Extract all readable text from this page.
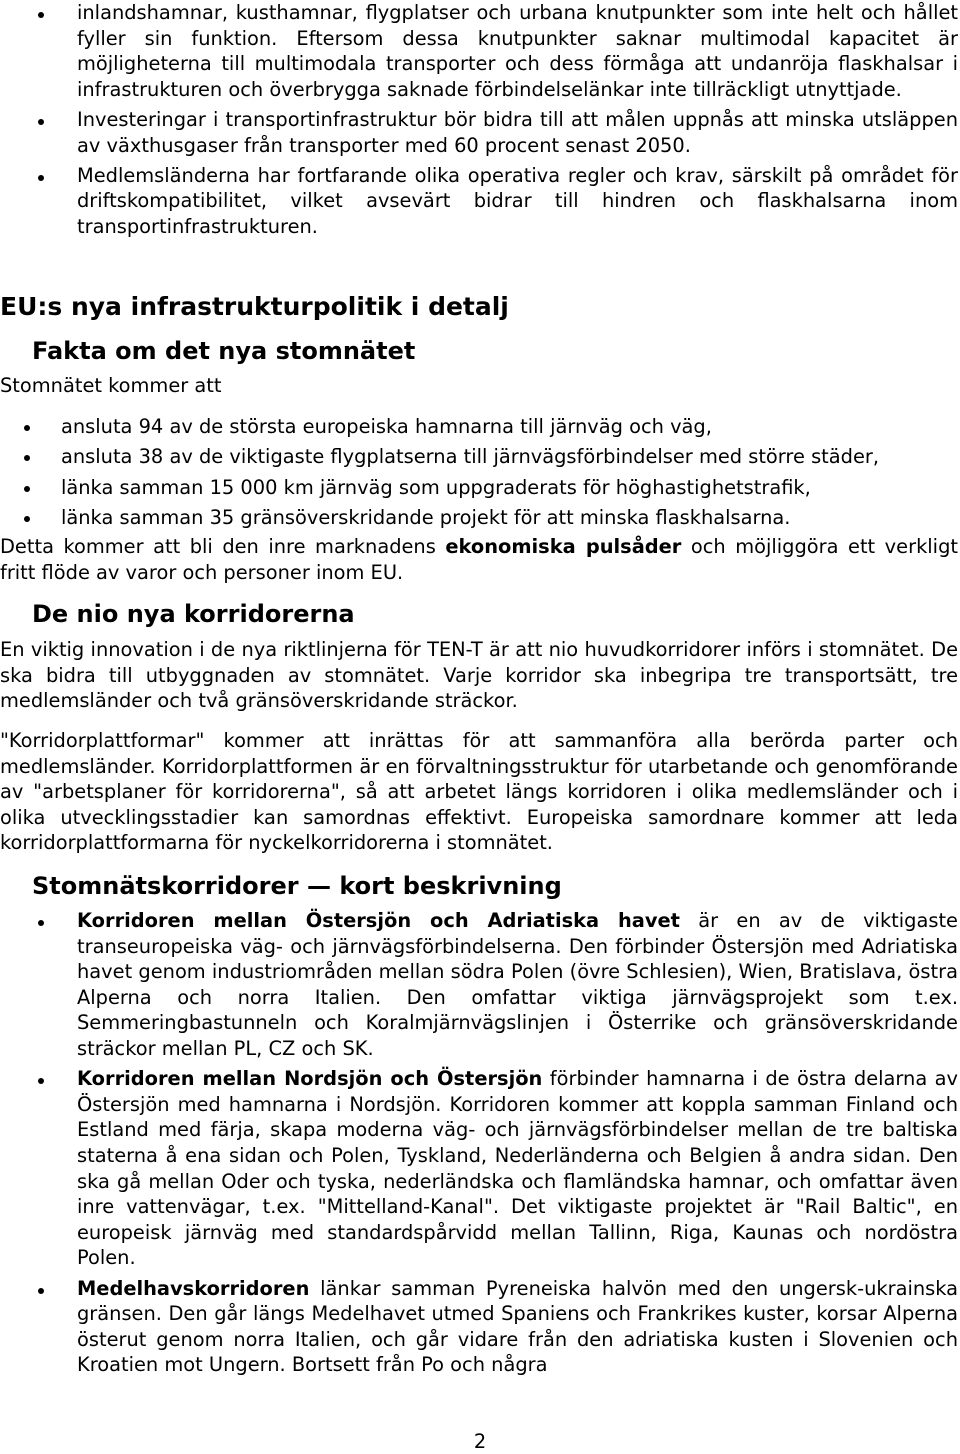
inlandshamnar, kusthamnar, flygplatser och urbana knutpunkter som inte helt och hållet fyller sin funktion. Eftersom dessa knutpunkter saknar multimodal kapacitet är möjligheterna till multimodala transporter och dess förmåga att undanröja flaskhalsar i infrastrukturen och överbrygga saknade förbindelselänkar inte tillräckligt utnyttjade.
Investeringar i transportinfrastruktur bör bidra till att målen uppnås att minska utsläppen av växthusgaser från transporter med 60 procent senast 2050.
Medlemsländerna har fortfarande olika operativa regler och krav, särskilt på området för driftskompatibilitet, vilket avsevärt bidrar till hindren och flaskhalsarna inom transportinfrastrukturen.
EU:s nya infrastrukturpolitik i detalj
Fakta om det nya stomnätet

Stomnätet kommer att

ansluta 94 av de största europeiska hamnarna till järnväg och väg,
ansluta 38 av de viktigaste flygplatserna till järnvägsförbindelser med större städer,
länka samman 15 000 km järnväg som uppgraderats för höghastighetstrafik,
länka samman 35 gränsöverskridande projekt för att minska flaskhalsarna.

Detta kommer att bli den inre marknadens ekonomiska pulsåder och möjliggöra ett verkligt fritt flöde av varor och personer inom EU.

De nio nya korridorerna

En viktig innovation i de nya riktlinjerna för TEN-T är att nio huvudkorridorer införs i stomnätet. De ska bidra till utbyggnaden av stomnätet. Varje korridor ska inbegripa tre transportsätt, tre medlemsländer och två gränsöverskridande sträckor.

"Korridorplattformar" kommer att inrättas för att sammanföra alla berörda parter och medlemsländer. Korridorplattformen är en förvaltningsstruktur för utarbetande och genomförande av "arbetsplaner för korridorerna", så att arbetet längs korridoren i olika medlemsländer och i olika utvecklingsstadier kan samordnas effektivt. Europeiska samordnare kommer att leda korridorplattformarna för nyckelkorridorerna i stomnätet.

Stomnätskorridorer — kort beskrivning
Korridoren mellan Östersjön och Adriatiska havet är en av de viktigaste transeuropeiska väg- och järnvägsförbindelserna. Den förbinder Östersjön med Adriatiska havet genom industriområden mellan södra Polen (övre Schlesien), Wien, Bratislava, östra Alperna och norra Italien. Den omfattar viktiga järnvägsprojekt som t.ex. Semmeringbastunneln och Koralmjärnvägslinjen i Österrike och gränsöverskridande sträckor mellan PL, CZ och SK.
Korridoren mellan Nordsjön och Östersjön förbinder hamnarna i de östra delarna av Östersjön med hamnarna i Nordsjön. Korridoren kommer att koppla samman Finland och Estland med färja, skapa moderna väg- och järnvägsförbindelser mellan de tre baltiska staterna å ena sidan och Polen, Tyskland, Nederländerna och Belgien å andra sidan. Den ska gå mellan Oder och tyska, nederländska och flamländska hamnar, och omfattar även inre vattenvägar, t.ex. "Mittelland-Kanal". Det viktigaste projektet är "Rail Baltic", en europeisk järnväg med standardspårvidd mellan Tallinn, Riga, Kaunas och nordöstra Polen.
Medelhavskorridoren länkar samman Pyreneiska halvön med den ungersk-ukrainska gränsen. Den går längs Medelhavet utmed Spaniens och Frankrikes kuster, korsar Alperna österut genom norra Italien, och går vidare från den adriatiska kusten i Slovenien och Kroatien mot Ungern. Bortsett från Po och några
2
